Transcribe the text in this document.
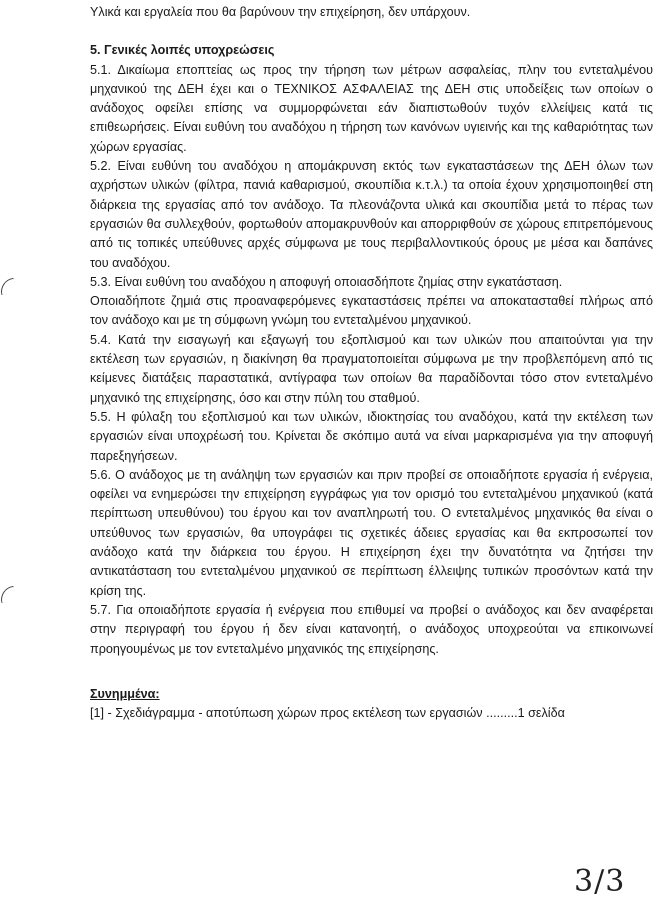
Υλικά και εργαλεία που θα βαρύνουν την επιχείρηση, δεν υπάρχουν.

5. Γενικές λοιπές υποχρεώσεις

5.1. Δικαίωμα εποπτείας ως προς την τήρηση των μέτρων ασφαλείας, πλην του εντεταλμένου μηχανικού της ΔΕΗ έχει και ο ΤΕΧΝΙΚΟΣ ΑΣΦΑΛΕΙΑΣ της ΔΕΗ στις υποδείξεις των οποίων ο ανάδοχος οφείλει επίσης να συμμορφώνεται εάν διαπιστωθούν τυχόν ελλείψεις κατά τις επιθεωρήσεις. Είναι ευθύνη του αναδόχου η τήρηση των κανόνων υγιεινής και της καθαριότητας των χώρων εργασίας.

5.2. Είναι ευθύνη του αναδόχου η απομάκρυνση εκτός των εγκαταστάσεων της ΔΕΗ όλων των αχρήστων υλικών (φίλτρα, πανιά καθαρισμού, σκουπίδια κ.τ.λ.) τα οποία έχουν χρησιμοποιηθεί στη διάρκεια της εργασίας από τον ανάδοχο. Τα πλεονάζοντα υλικά και σκουπίδια μετά το πέρας των εργασιών θα συλλεχθούν, φορτωθούν απομακρυνθούν και απορριφθούν σε χώρους επιτρεπόμενους από τις τοπικές υπεύθυνες αρχές σύμφωνα με τους περιβαλλοντικούς όρους με μέσα και δαπάνες του αναδόχου.

5.3. Είναι ευθύνη του αναδόχου η αποφυγή οποιασδήποτε ζημίας στην εγκατάσταση.

Οποιαδήποτε ζημιά στις προαναφερόμενες εγκαταστάσεις πρέπει να αποκατασταθεί πλήρως από τον ανάδοχο και με τη σύμφωνη γνώμη του εντεταλμένου μηχανικού.

5.4. Κατά την εισαγωγή και εξαγωγή του εξοπλισμού και των υλικών που απαιτούνται για την εκτέλεση των εργασιών, η διακίνηση θα πραγματοποιείται σύμφωνα με την προβλεπόμενη από τις κείμενες διατάξεις παραστατικά, αντίγραφα των οποίων θα παραδίδονται τόσο στον εντεταλμένο μηχανικό της επιχείρησης, όσο και στην πύλη του σταθμού.

5.5. Η φύλαξη του εξοπλισμού και των υλικών, ιδιοκτησίας του αναδόχου, κατά την εκτέλεση των εργασιών είναι υποχρέωσή του. Κρίνεται δε σκόπιμο αυτά να είναι μαρκαρισμένα για την αποφυγή παρεξηγήσεων.

5.6. Ο ανάδοχος με τη ανάληψη των εργασιών και πριν προβεί σε οποιαδήποτε εργασία ή ενέργεια, οφείλει να ενημερώσει την επιχείρηση εγγράφως για τον ορισμό του εντεταλμένου μηχανικού (κατά περίπτωση υπευθύνου) του έργου και τον αναπληρωτή του. Ο εντεταλμένος μηχανικός θα είναι ο υπεύθυνος των εργασιών, θα υπογράφει τις σχετικές άδειες εργασίας και θα εκπροσωπεί τον ανάδοχο κατά την διάρκεια του έργου. Η επιχείρηση έχει την δυνατότητα να ζητήσει την αντικατάσταση του εντεταλμένου μηχανικού σε περίπτωση έλλειψης τυπικών προσόντων κατά την κρίση της.

5.7. Για οποιαδήποτε εργασία ή ενέργεια που επιθυμεί να προβεί ο ανάδοχος και δεν αναφέρεται στην περιγραφή του έργου ή δεν είναι κατανοητή, ο ανάδοχος υποχρεούται να επικοινωνεί προηγουμένως με τον εντεταλμένο μηχανικός της επιχείρησης.

Συνημμένα:

[1] - Σχεδιάγραμμα - αποτύπωση χώρων προς εκτέλεση των εργασιών .........1 σελίδα

3/3
